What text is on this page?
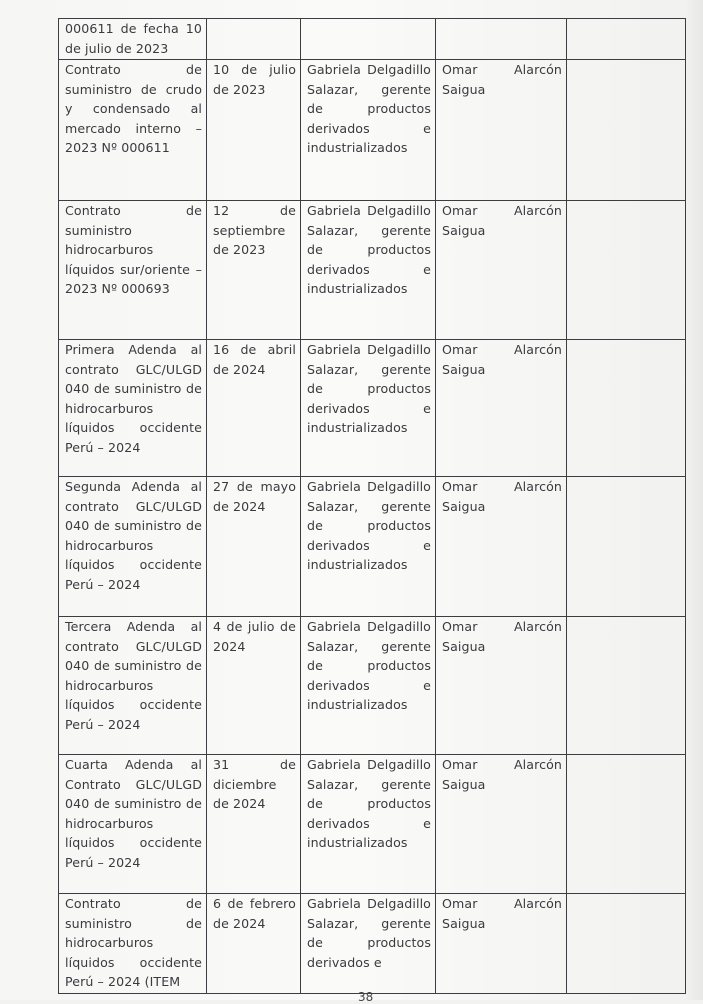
000611 de fecha 10 de julio de 2023				
Contrato de suministro de crudo y condensado al mercado interno – 2023 Nº 000611	10 de julio de 2023	Gabriela Delgadillo Salazar, gerente de productos derivados e industrializados	Omar Alarcón Saigua	
Contrato de suministro hidrocarburos líquidos sur/oriente – 2023 Nº 000693	12 de septiembre de 2023	Gabriela Delgadillo Salazar, gerente de productos derivados e industrializados	Omar Alarcón Saigua	
Primera Adenda al contrato GLC/ULGD 040 de suministro de hidrocarburos líquidos occidente Perú – 2024	16 de abril de 2024	Gabriela Delgadillo Salazar, gerente de productos derivados e industrializados	Omar Alarcón Saigua	
Segunda Adenda al contrato GLC/ULGD 040 de suministro de hidrocarburos líquidos occidente Perú – 2024	27 de mayo de 2024	Gabriela Delgadillo Salazar, gerente de productos derivados e industrializados	Omar Alarcón Saigua	
Tercera Adenda al contrato GLC/ULGD 040 de suministro de hidrocarburos líquidos occidente Perú – 2024	4 de julio de 2024	Gabriela Delgadillo Salazar, gerente de productos derivados e industrializados	Omar Alarcón Saigua	
Cuarta Adenda al Contrato GLC/ULGD 040 de suministro de hidrocarburos líquidos occidente Perú – 2024	31 de diciembre de 2024	Gabriela Delgadillo Salazar, gerente de productos derivados e industrializados	Omar Alarcón Saigua	
Contrato de suministro de hidrocarburos líquidos occidente Perú – 2024 (ITEM	6 de febrero de 2024	Gabriela Delgadillo Salazar, gerente de productos derivados e	Omar Alarcón Saigua	
38
